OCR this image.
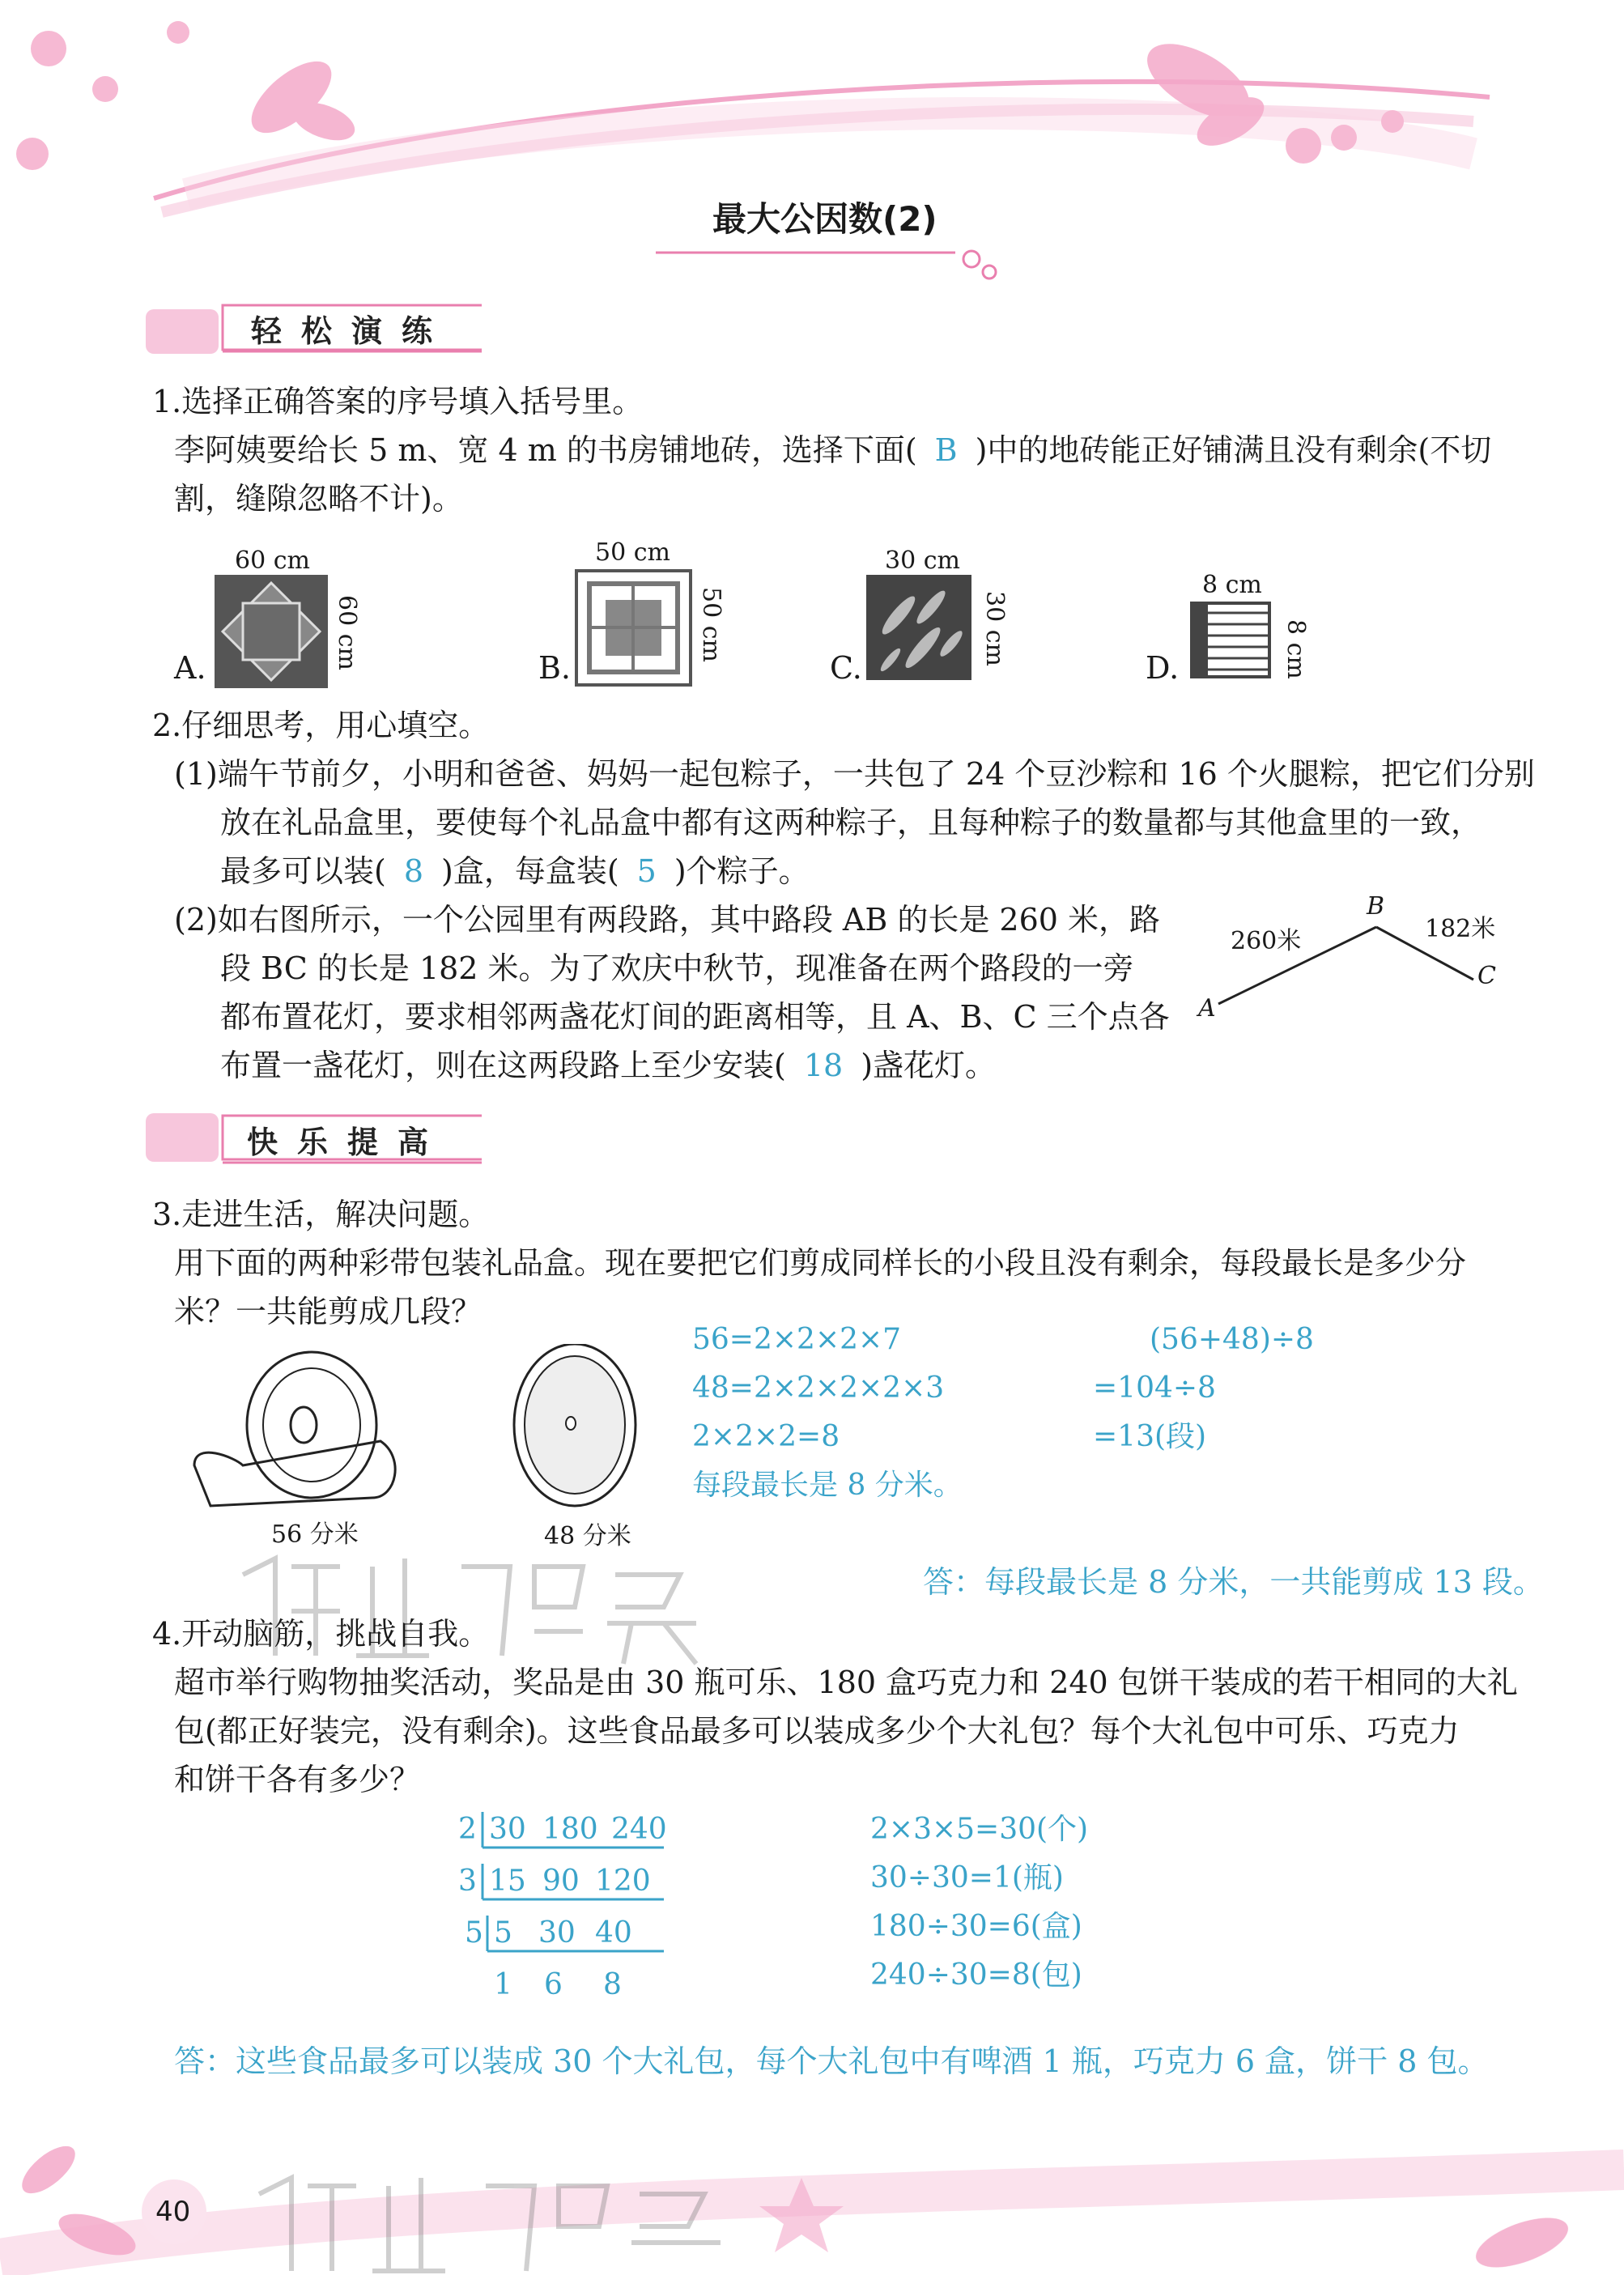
最大公因数(2)
轻松演练
1.选择正确答案的序号填入括号里。
李阿姨要给长 5 m、宽 4 m 的书房铺地砖，选择下面( B )中的地砖能正好铺满且没有剩余(不切
割，缝隙忽略不计)。
60 cm
60 cm
A.
50 cm
50 cm
B.
30 cm
30 cm
C.
8 cm
8 cm
D.
2.仔细思考，用心填空。
(1)端午节前夕，小明和爸爸、妈妈一起包粽子，一共包了 24 个豆沙粽和 16 个火腿粽，把它们分别
放在礼品盒里，要使每个礼品盒中都有这两种粽子，且每种粽子的数量都与其他盒里的一致，
最多可以装( 8 )盒，每盒装( 5 )个粽子。
(2)如右图所示，一个公园里有两段路，其中路段 AB 的长是 260 米，路
段 BC 的长是 182 米。为了欢庆中秋节，现准备在两个路段的一旁
都布置花灯，要求相邻两盏花灯间的距离相等，且 A、B、C 三个点各
布置一盏花灯，则在这两段路上至少安装( 18 )盏花灯。
A
B
C
260米	182米
快乐提高
3.走进生活，解决问题。
用下面的两种彩带包装礼品盒。现在要把它们剪成同样长的小段且没有剩余，每段最长是多少分
米？一共能剪成几段？
56 分米	48 分米
56=2×2×2×7
48=2×2×2×2×3
2×2×2=8
每段最长是 8 分米。
(56+48)÷8
=104÷8
=13(段)
答：每段最长是 8 分米，一共能剪成 13 段。
4.开动脑筋，挑战自我。
超市举行购物抽奖活动，奖品是由 30 瓶可乐、180 盒巧克力和 240 包饼干装成的若干相同的大礼
包(都正好装完，没有剩余)。这些食品最多可以装成多少个大礼包？每个大礼包中可乐、巧克力
和饼干各有多少？
2 30 180 240
3 15 90 120
5 5 30 40
1 6 8
2×3×5=30(个)
30÷30=1(瓶)
180÷30=6(盒)
240÷30=8(包)
答：这些食品最多可以装成 30 个大礼包，每个大礼包中有啤酒 1 瓶，巧克力 6 盒，饼干 8 包。
40
